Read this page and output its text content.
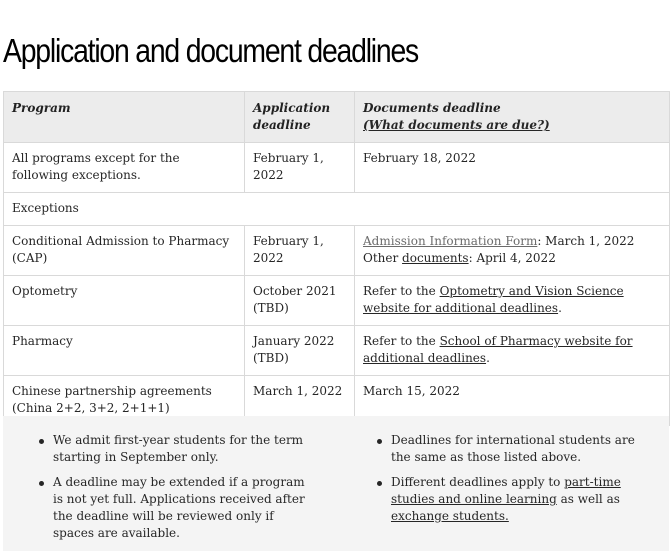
Application and document deadlines
Program	Application deadline	Documents deadline
(What documents are due?)
All programs except for the following exceptions.	February 1, 2022	February 18, 2022
Exceptions		
Conditional Admission to Pharmacy (CAP)	February 1, 2022	Admission Information Form: March 1, 2022
Other documents: April 4, 2022
Optometry	October 2021 (TBD)	Refer to the Optometry and Vision Science website for additional deadlines.
Pharmacy	January 2022 (TBD)	Refer to the School of Pharmacy website for additional deadlines.
Chinese partnership agreements (China 2+2, 3+2, 2+1+1)	March 1, 2022	March 15, 2022
We admit first-year students for the term starting in September only.
A deadline may be extended if a program is not yet full. Applications received after the deadline will be reviewed only if spaces are available.
Deadlines for international students are the same as those listed above.
Different deadlines apply to part-time studies and online learning as well as exchange students.
